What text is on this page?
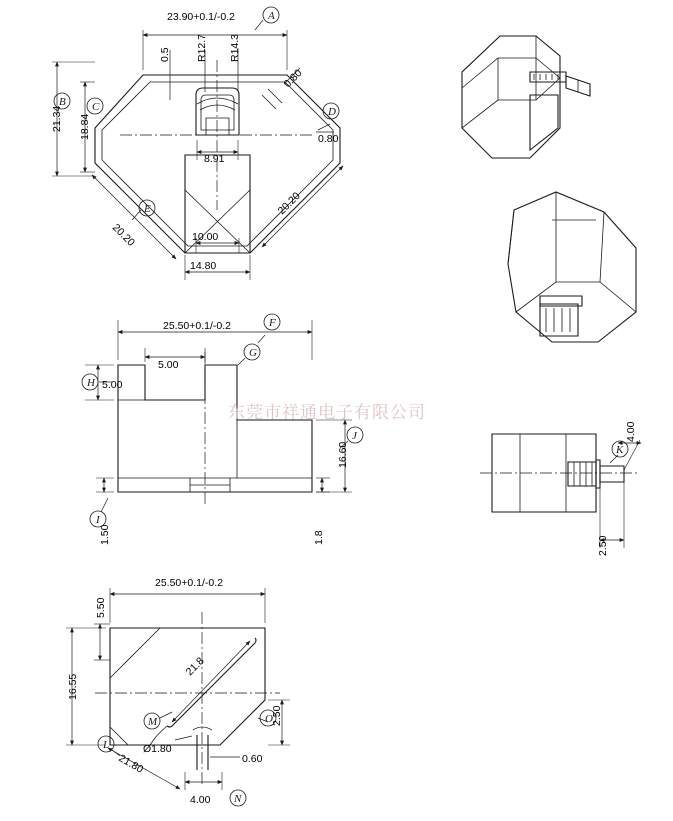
23.90+0.1/-0.2
21.34 18.84
0.5 R12.7 R14.3
0.80
0.80
20.20
20.20
10.00
14.80
8.91
A
B C	D
E
25.50+0.1/-0.2
5.00
5.00
16.60
1.50	1.8
F
G
H
I
J
25.50+0.1/-0.2
5.50
16.55
21.8
21.80
2.50
Ø1.80
0.60
4.00
L
M
N
O
4.00
2.50
K
东莞市祥通电子有限公司
